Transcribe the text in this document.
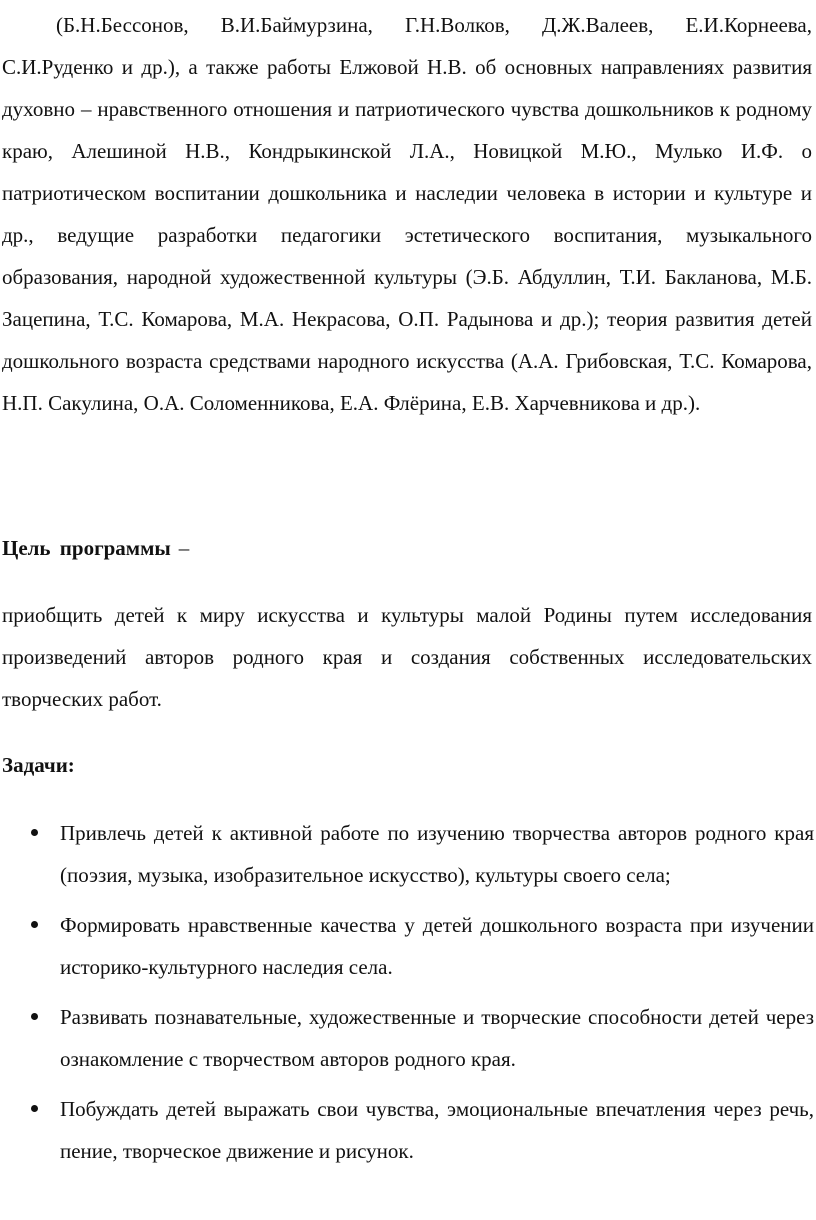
(Б.Н.Бессонов, В.И.Баймурзина, Г.Н.Волков, Д.Ж.Валеев, Е.И.Корнеева, С.И.Руденко и др.), а также работы Елжовой Н.В. об основных направлениях развития духовно – нравственного отношения и патриотического чувства дошкольников к родному краю, Алешиной Н.В., Кондрыкинской Л.А., Новицкой М.Ю., Мулько И.Ф. о патриотическом воспитании дошкольника и наследии человека в истории и культуре и др., ведущие разработки педагогики эстетического воспитания, музыкального образования, народной художественной культуры (Э.Б. Абдуллин, Т.И. Бакланова, М.Б. Зацепина, Т.С. Комарова, М.А. Некрасова, О.П. Радынова и др.); теория развития детей дошкольного возраста средствами народного искусства (А.А. Грибовская, Т.С. Комарова, Н.П. Сакулина, О.А. Соломенникова, Е.А. Флёрина, Е.В. Харчевникова и др.).

Цель программы –

приобщить детей к миру искусства и культуры малой Родины путем исследования произведений авторов родного края и создания собственных исследовательских творческих работ.

Задачи:

Привлечь детей к активной работе по изучению творчества авторов родного края (поэзия, музыка, изобразительное искусство), культуры своего села;
Формировать нравственные качества у детей дошкольного возраста при изучении историко-культурного наследия села.
Развивать познавательные, художественные и творческие способности детей через ознакомление с творчеством авторов родного края.
Побуждать детей выражать свои чувства, эмоциональные впечатления через речь, пение, творческое движение и рисунок.
